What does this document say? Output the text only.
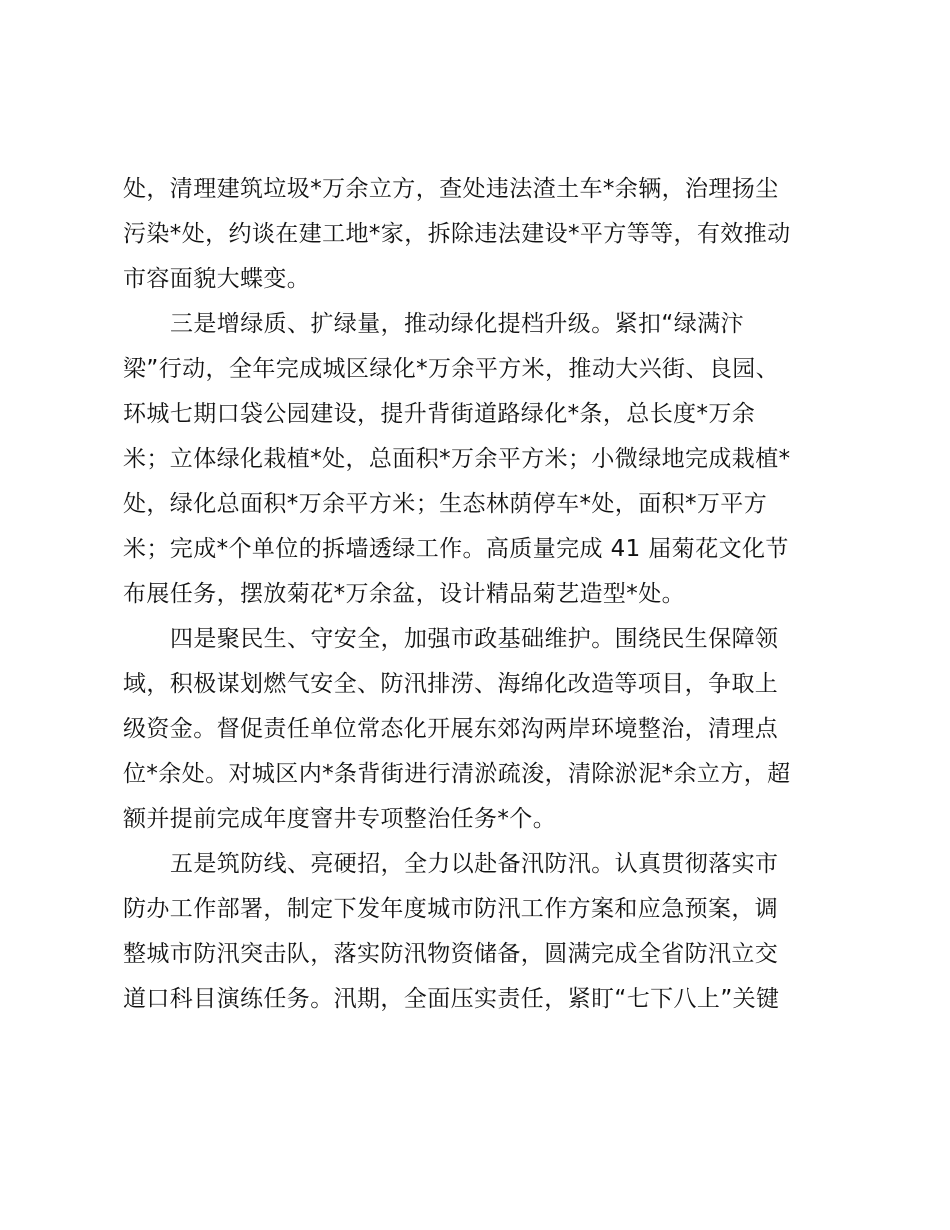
处，清理建筑垃圾*万余立方，查处违法渣土车*余辆，治理扬尘
污染*处，约谈在建工地*家，拆除违法建设*平方等等，有效推动
市容面貌大蝶变。
三是增绿质、扩绿量，推动绿化提档升级。紧扣“绿满汴
梁”行动，全年完成城区绿化*万余平方米，推动大兴街、良园、
环城七期口袋公园建设，提升背街道路绿化*条，总长度*万余
米；立体绿化栽植*处，总面积*万余平方米；小微绿地完成栽植*
处，绿化总面积*万余平方米；生态林荫停车*处，面积*万平方
米；完成*个单位的拆墙透绿工作。高质量完成 41 届菊花文化节
布展任务，摆放菊花*万余盆，设计精品菊艺造型*处。
四是聚民生、守安全，加强市政基础维护。围绕民生保障领
域，积极谋划燃气安全、防汛排涝、海绵化改造等项目，争取上
级资金。督促责任单位常态化开展东郊沟两岸环境整治，清理点
位*余处。对城区内*条背街进行清淤疏浚，清除淤泥*余立方，超
额并提前完成年度窨井专项整治任务*个。
五是筑防线、亮硬招，全力以赴备汛防汛。认真贯彻落实市
防办工作部署，制定下发年度城市防汛工作方案和应急预案，调
整城市防汛突击队，落实防汛物资储备，圆满完成全省防汛立交
道口科目演练任务。汛期，全面压实责任，紧盯“七下八上”关键
